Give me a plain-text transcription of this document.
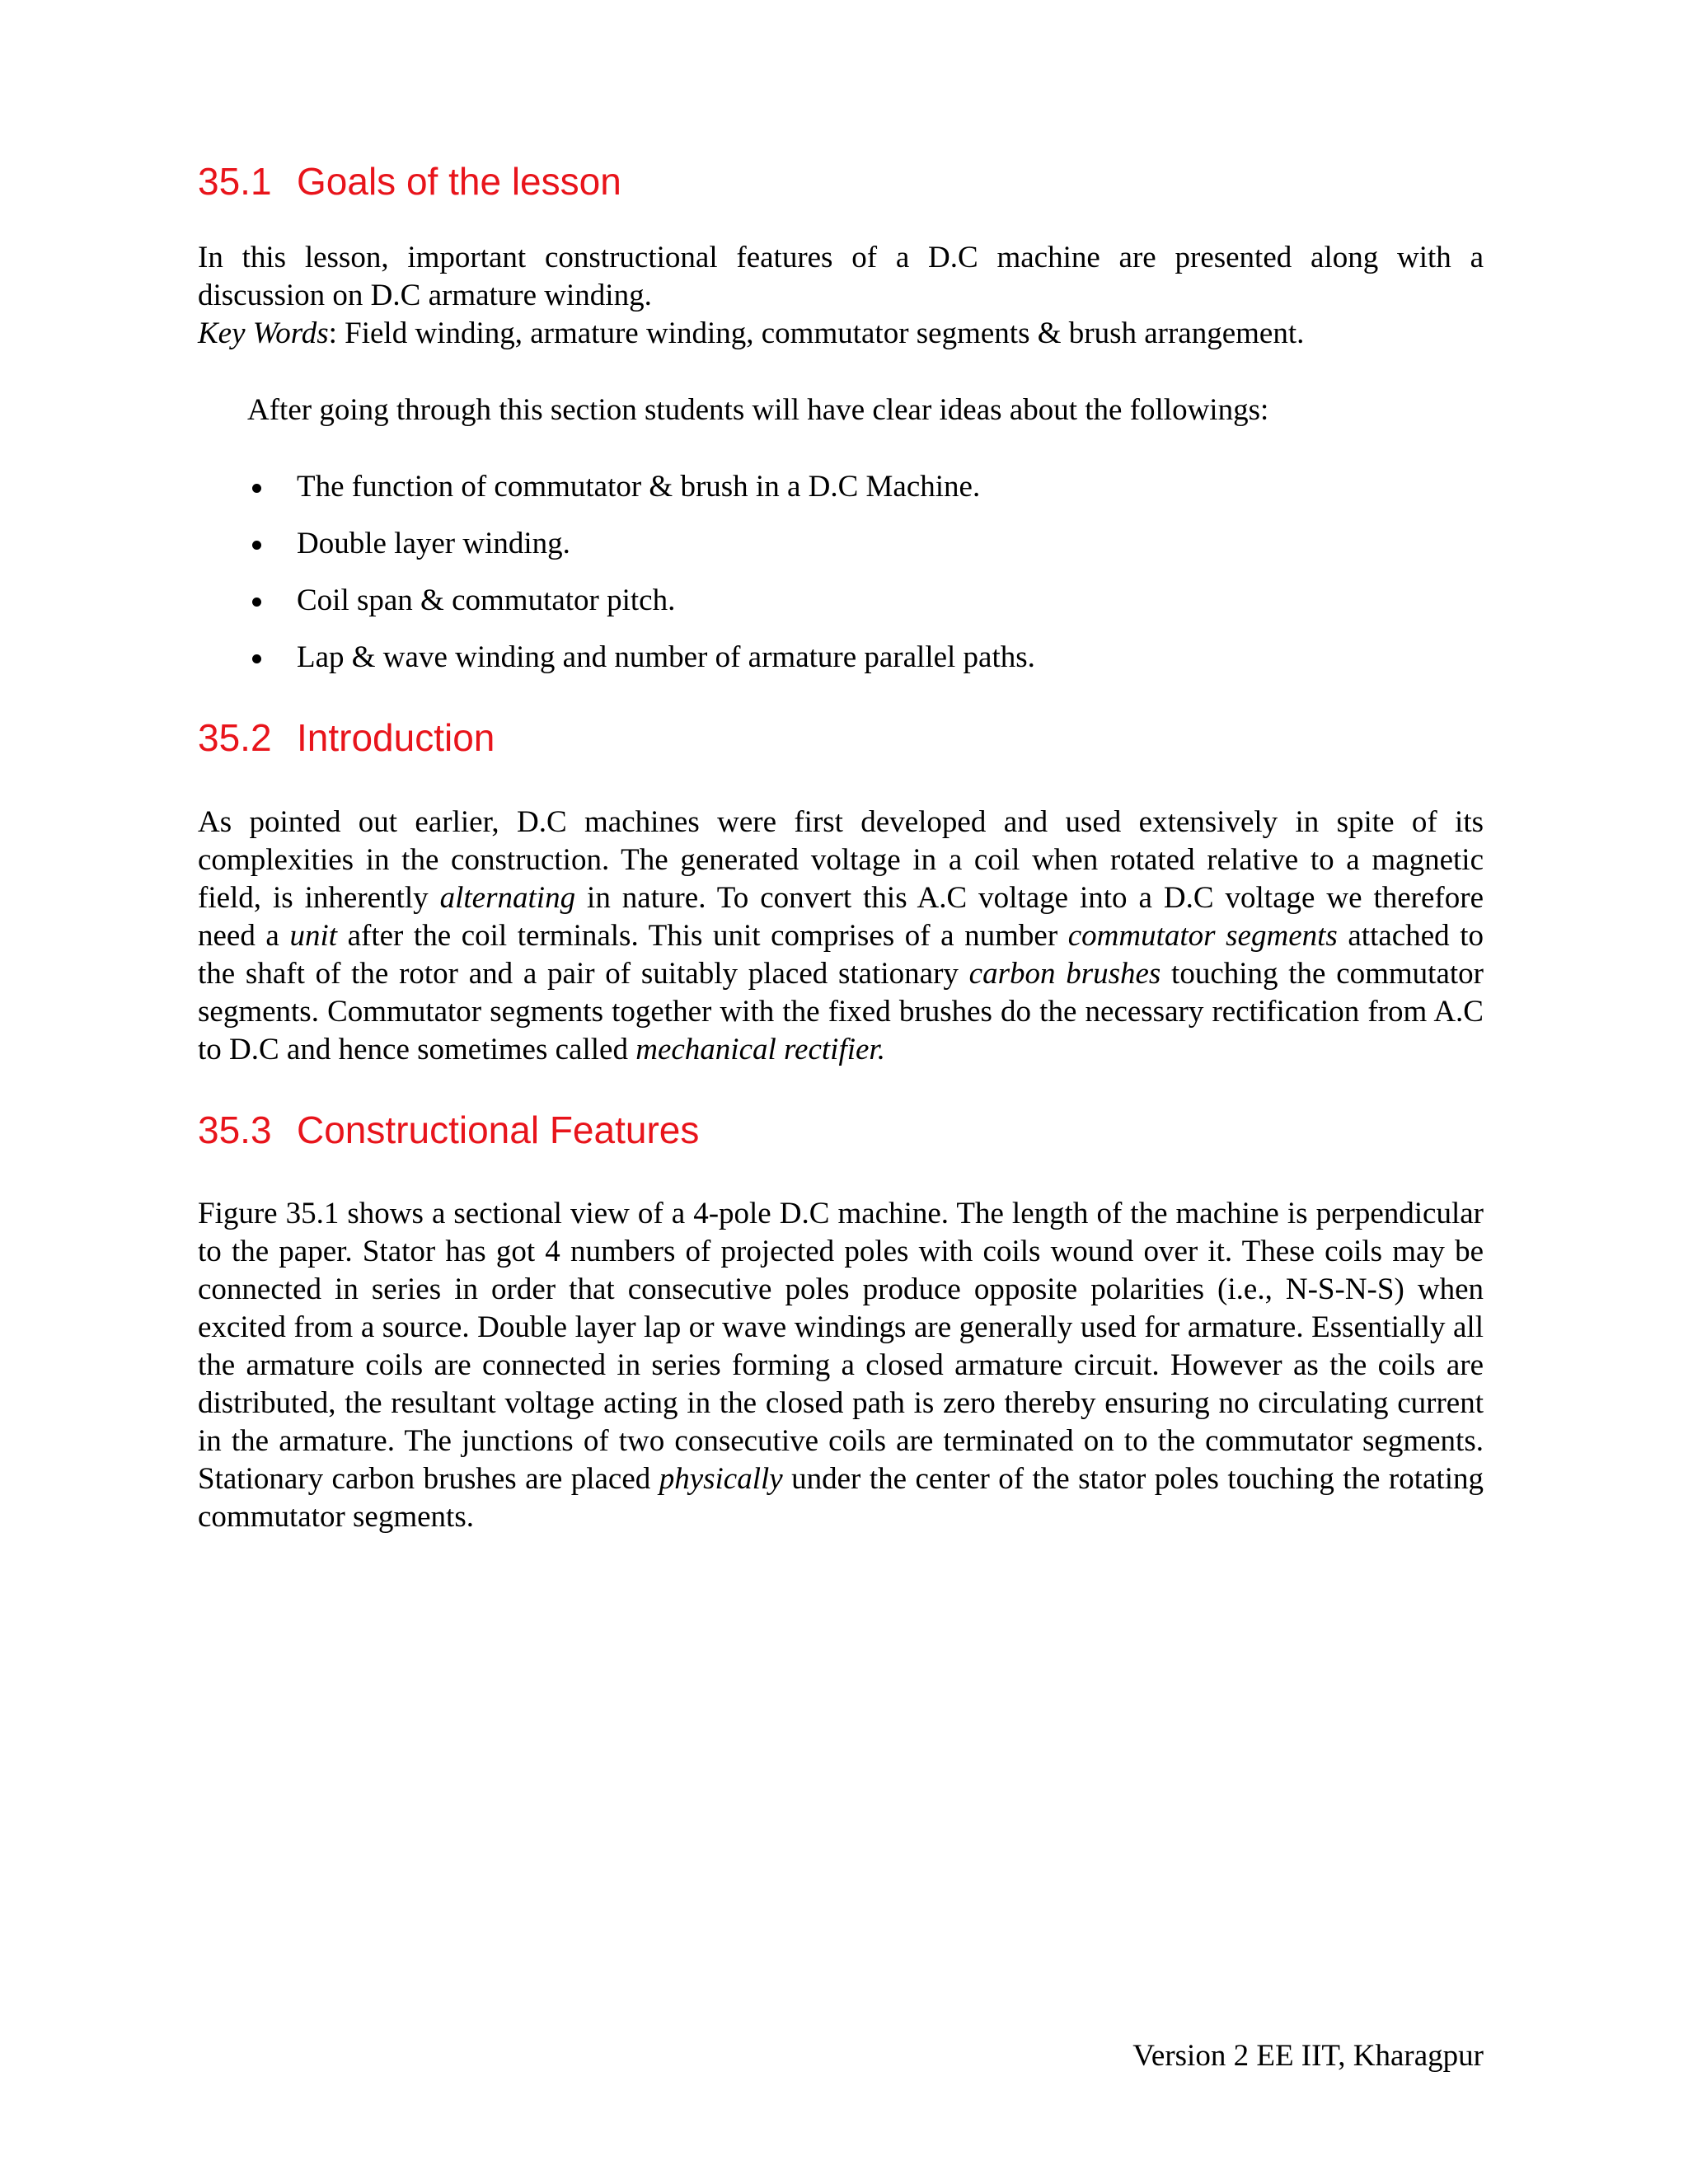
35.1 Goals of the lesson
In this lesson, important constructional features of a D.C machine are presented along with a
discussion on D.C armature winding.
Key Words: Field winding, armature winding, commutator segments & brush arrangement.
After going through this section students will have clear ideas about the followings:
The function of commutator & brush in a D.C Machine.
Double layer winding.
Coil span & commutator pitch.
Lap & wave winding and number of armature parallel paths.
35.2 Introduction

As pointed out earlier, D.C machines were first developed and used extensively in spite of its complexities in the construction. The generated voltage in a coil when rotated relative to a magnetic field, is inherently alternating in nature. To convert this A.C voltage into a D.C voltage we therefore need a unit after the coil terminals. This unit comprises of a number commutator segments attached to the shaft of the rotor and a pair of suitably placed stationary carbon brushes touching the commutator segments. Commutator segments together with the fixed brushes do the necessary rectification from A.C to D.C and hence sometimes called mechanical rectifier.

35.3 Constructional Features

Figure 35.1 shows a sectional view of a 4-pole D.C machine. The length of the machine is perpendicular to the paper. Stator has got 4 numbers of projected poles with coils wound over it. These coils may be connected in series in order that consecutive poles produce opposite polarities (i.e., N-S-N-S) when excited from a source. Double layer lap or wave windings are generally used for armature. Essentially all the armature coils are connected in series forming a closed armature circuit. However as the coils are distributed, the resultant voltage acting in the closed path is zero thereby ensuring no circulating current in the armature. The junctions of two consecutive coils are terminated on to the commutator segments. Stationary carbon brushes are placed physically under the center of the stator poles touching the rotating commutator segments.

Version 2 EE IIT, Kharagpur
